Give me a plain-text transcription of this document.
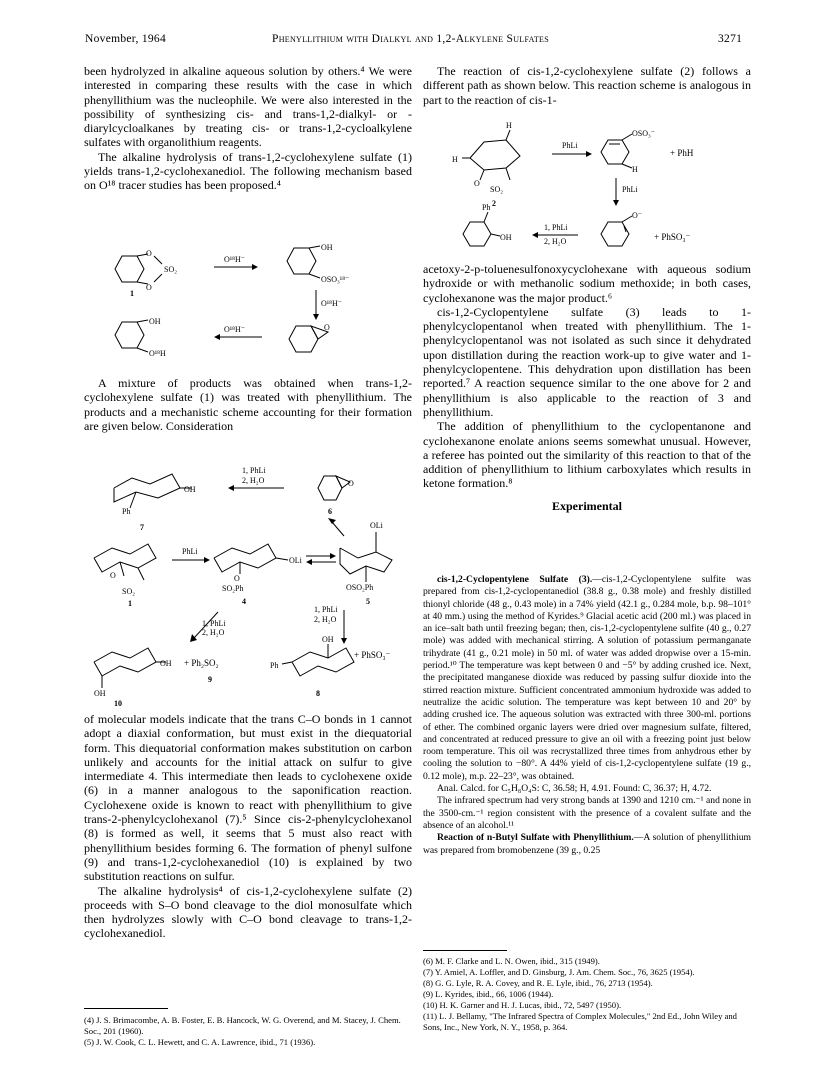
November, 1964	Phenyllithium with Dialkyl and 1,2-Alkylene Sulfates	3271

been hydrolyzed in alkaline aqueous solution by others.⁴ We were interested in comparing these results with the case in which phenyllithium was the nucleophile. We were also interested in the possibility of synthesizing cis- and trans-1,2-dialkyl- or -diarylcycloalkanes by treating cis- or trans-1,2-cycloalkylene sulfates with organolithium reagents.

The alkaline hydrolysis of trans-1,2-cyclohexylene sulfate (1) yields trans-1,2-cyclohexanediol. The following mechanism based on O¹⁸ tracer studies has been proposed.⁴

O
O
SO₂
1
O¹⁸H⁻
OH
OSO₃¹⁸⁻
O¹⁸H⁻
O
O¹⁸H⁻
OH
O¹⁸H

A mixture of products was obtained when trans-1,2-cyclohexylene sulfate (1) was treated with phenyllithium. The products and a mechanistic scheme accounting for their formation are given below. Consideration

OH
Ph
7
1, PhLi
2, H₂O	O
6
O
SO₂
1
PhLi
OLi
O
SO₂Ph
4
OLi
OSO₂Ph
5
1, PhLi
2, H₂O
1, PhLi
2, H₂O
OH
OH
10
+ Ph₂SO₂
9
Ph
OH
+ PhSO₃⁻
8

of molecular models indicate that the trans C–O bonds in 1 cannot adopt a diaxial conformation, but must exist in the diequatorial form. This diequatorial conformation makes substitution on carbon unlikely and accounts for the initial attack on sulfur to give intermediate 4. This intermediate then leads to cyclohexene oxide (6) in a manner analogous to the saponification reaction. Cyclohexene oxide is known to react with phenyllithium to give trans-2-phenylcyclohexanol (7).⁵ Since cis-2-phenylcyclohexanol (8) is formed as well, it seems that 5 must also react with phenyllithium besides forming 6. The formation of phenyl sulfone (9) and trans-1,2-cyclohexanediol (10) is explained by two substitution reactions on sulfur.

The alkaline hydrolysis⁴ of cis-1,2-cyclohexylene sulfate (2) proceeds with S–O bond cleavage to the diol monosulfate which then hydrolyzes slowly with C–O bond cleavage to trans-1,2-cyclohexanediol.

(4) J. S. Brimacombe, A. B. Foster, E. B. Hancock, W. G. Overend, and M. Stacey, J. Chem. Soc., 201 (1960).

(5) J. W. Cook, C. L. Hewett, and C. A. Lawrence, ibid., 71 (1936).

The reaction of cis-1,2-cyclohexylene sulfate (2) follows a different path as shown below. This reaction scheme is analogous in part to the reaction of cis-1-

H
H
O
SO₂
2
PhLi
OSO₃⁻
H
+ PhH
PhLi
Ph
OH
1, PhLi
2, H₂O
O⁻
+ PhSO₃⁻

acetoxy-2-p-toluenesulfonoxycyclohexane with aqueous sodium hydroxide or with methanolic sodium methoxide; in both cases, cyclohexanone was the major product.⁶

cis-1,2-Cyclopentylene sulfate (3) leads to 1-phenylcyclopentanol when treated with phenyllithium. The 1-phenylcyclopentanol was not isolated as such since it dehydrated upon distillation during the reaction work-up to give water and 1-phenylcyclopentene. This dehydration upon distillation has been reported.⁷ A reaction sequence similar to the one above for 2 and phenyllithium is also applicable to the reaction of 3 and phenyllithium.

The addition of phenyllithium to the cyclopentanone and cyclohexanone enolate anions seems somewhat unusual. However, a referee has pointed out the similarity of this reaction to that of the addition of phenyllithium to lithium carboxylates which results in ketone formation.⁸

Experimental

cis-1,2-Cyclopentylene Sulfate (3).—cis-1,2-Cyclopentylene sulfite was prepared from cis-1,2-cyclopentanediol (38.8 g., 0.38 mole) and freshly distilled thionyl chloride (48 g., 0.43 mole) in a 74% yield (42.1 g., 0.284 mole, b.p. 98–101° at 40 mm.) using the method of Kyrides.⁹ Glacial acetic acid (200 ml.) was placed in an ice–salt bath until freezing began; then, cis-1,2-cyclopentylene sulfite (40 g., 0.27 mole) was added with mechanical stirring. A solution of potassium permanganate trihydrate (41 g., 0.21 mole) in 50 ml. of water was added dropwise over a 15-min. period.¹⁰ The temperature was kept between 0 and −5° by adding crushed ice. Next, the precipitated manganese dioxide was reduced by passing sulfur dioxide into the stirred reaction mixture. Sufficient concentrated ammonium hydroxide was added to neutralize the acidic solution. The temperature was kept between 10 and 20° by adding crushed ice. The aqueous solution was extracted with three 300-ml. portions of ether. The combined organic layers were dried over magnesium sulfate, filtered, and concentrated at reduced pressure to give an oil with a freezing point just below room temperature. This oil was recrystallized three times from anhydrous ether by cooling the solution to −80°. A 44% yield of cis-1,2-cyclopentylene sulfate (19 g., 0.12 mole), m.p. 22–23°, was obtained.

Anal. Calcd. for C₅H₈O₄S: C, 36.58; H, 4.91. Found: C, 36.37; H, 4.72.

The infrared spectrum had very strong bands at 1390 and 1210 cm.⁻¹ and none in the 3500-cm.⁻¹ region consistent with the presence of a covalent sulfate and the absence of an alcohol.¹¹

Reaction of n-Butyl Sulfate with Phenyllithium.—A solution of phenyllithium was prepared from bromobenzene (39 g., 0.25

(6) M. F. Clarke and L. N. Owen, ibid., 315 (1949).

(7) Y. Amiel, A. Loffler, and D. Ginsburg, J. Am. Chem. Soc., 76, 3625 (1954).

(8) G. G. Lyle, R. A. Covey, and R. E. Lyle, ibid., 76, 2713 (1954).

(9) L. Kyrides, ibid., 66, 1006 (1944).

(10) H. K. Garner and H. J. Lucas, ibid., 72, 5497 (1950).

(11) L. J. Bellamy, "The Infrared Spectra of Complex Molecules," 2nd Ed., John Wiley and Sons, Inc., New York, N. Y., 1958, p. 364.
